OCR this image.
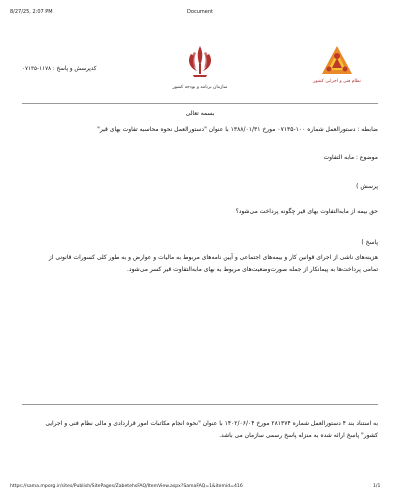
8/27/25, 2:07 PM	Document
کدپرسش و پاسخ : ۱۱۷۸-۰۷۱۳۵
سازمان برنامه و بودجه کشور
نظام فنی و اجرایی کشور
بسمه تعالی
ضابطه : دستورالعمل شماره ۱۰۰-۰۷۱۳۵ مورخ ۱۳۸۸/۰۱/۳۱ با عنوان "دستورالعمل نحوه محاسبه تفاوت بهای قیر"
موضوع : مابه التفاوت
پرسش )
حق بیمه از مابه‌التفاوت بهای قیر چگونه پرداخت می‌شود؟
پاسخ )
هزینه‌های ناشی از اجرای قوانین کار و بیمه‌های اجتماعی و آیین نامه‌های مربوط به مالیات و عوارض و به طور کلی کسورات قانونی از
تمامی پرداخت‌ها به پیمانکار از جمله صورت‌وضعیت‌های مربوط به بهای مابه‌التفاوت قیر کسر می‌شود.
به استناد بند ۴ دستورالعمل شماره ۲۸۱۳۷۴ مورخ ۱۴۰۲/۰۶/۰۴ با عنوان "نحوه انجام مکاتبات امور قراردادی و مالی نظام فنی و اجرایی
کشور" پاسخ ارائه شده به منزله پاسخ رسمی سازمان می باشد.
https://sama.mporg.ir/sites/Publish/SitePages/ZabetehsFAQ/ItemView.aspx?SamaFAQ=1&itemid=416	1/1
